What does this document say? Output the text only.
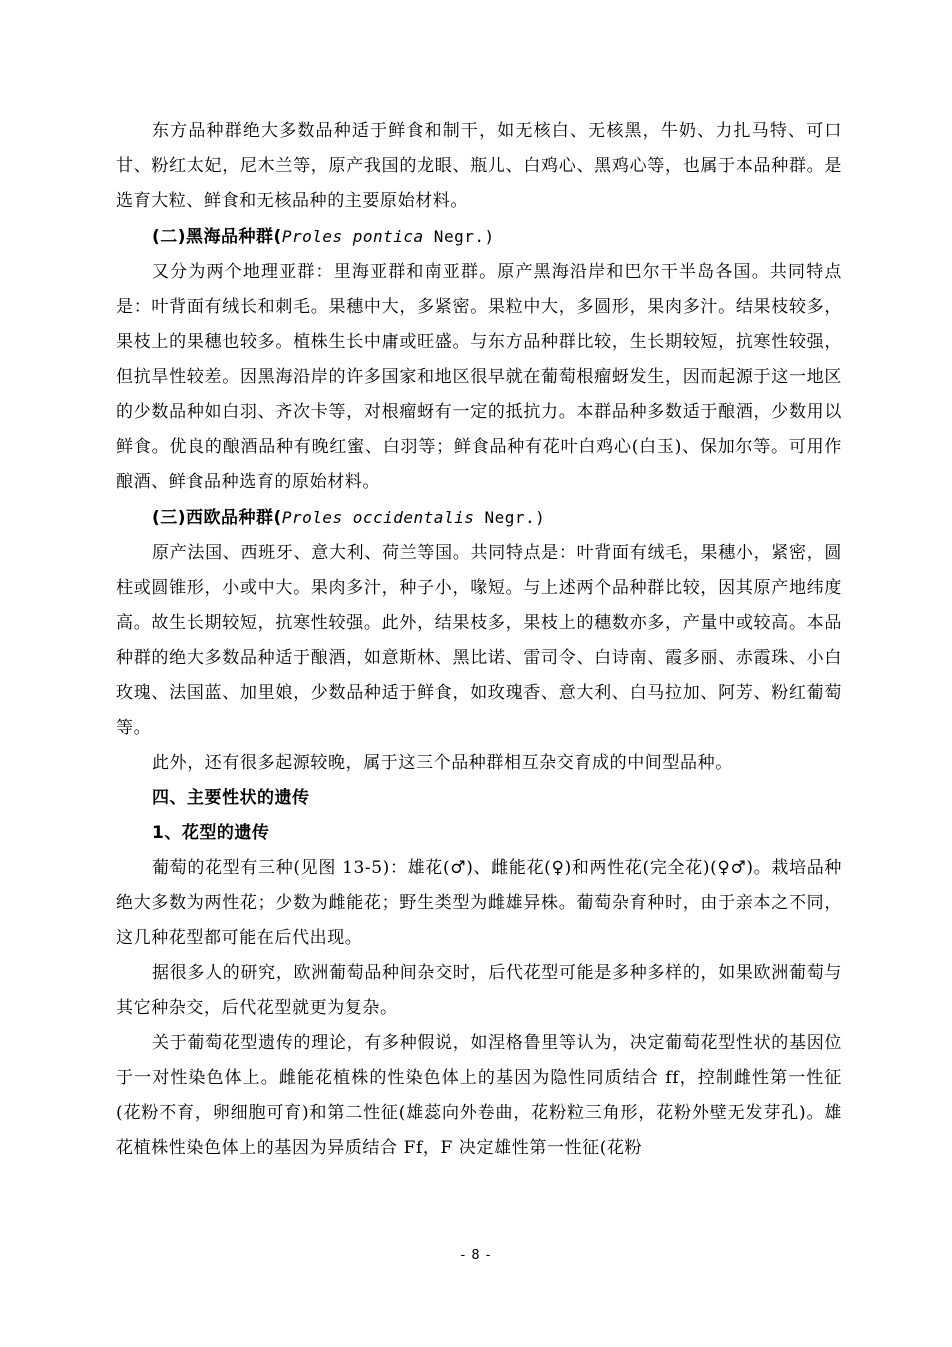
东方品种群绝大多数品种适于鲜食和制干，如无核白、无核黑，牛奶、力扎马特、可口甘、粉红太妃，尼木兰等，原产我国的龙眼、瓶儿、白鸡心、黑鸡心等，也属于本品种群。是选育大粒、鲜食和无核品种的主要原始材料。

(二)黑海品种群(Proles pontica Negr.)

又分为两个地理亚群：里海亚群和南亚群。原产黑海沿岸和巴尔干半岛各国。共同特点是：叶背面有绒长和刺毛。果穗中大，多紧密。果粒中大，多圆形，果肉多汁。结果枝较多，果枝上的果穗也较多。植株生长中庸或旺盛。与东方品种群比较，生长期较短，抗寒性较强，但抗旱性较差。因黑海沿岸的许多国家和地区很早就在葡萄根瘤蚜发生，因而起源于这一地区的少数品种如白羽、齐次卡等，对根瘤蚜有一定的抵抗力。本群品种多数适于酿酒，少数用以鲜食。优良的酿酒品种有晚红蜜、白羽等；鲜食品种有花叶白鸡心(白玉)、保加尔等。可用作酿酒、鲜食品种选育的原始材料。

(三)西欧品种群(Proles occidentalis Negr.)

原产法国、西班牙、意大利、荷兰等国。共同特点是：叶背面有绒毛，果穗小，紧密，圆柱或圆锥形，小或中大。果肉多汁，种子小，喙短。与上述两个品种群比较，因其原产地纬度高。故生长期较短，抗寒性较强。此外，结果枝多，果枝上的穗数亦多，产量中或较高。本品种群的绝大多数品种适于酿酒，如意斯林、黑比诺、雷司令、白诗南、霞多丽、赤霞珠、小白玫瑰、法国蓝、加里娘，少数品种适于鲜食，如玫瑰香、意大利、白马拉加、阿芳、粉红葡萄等。

此外，还有很多起源较晚，属于这三个品种群相互杂交育成的中间型品种。

四、主要性状的遗传

1、花型的遗传

葡萄的花型有三种(见图 13-5)：雄花(♂)、雌能花(♀)和两性花(完全花)(♀♂)。栽培品种绝大多数为两性花；少数为雌能花；野生类型为雌雄异株。葡萄杂育种时，由于亲本之不同，这几种花型都可能在后代出现。

据很多人的研究，欧洲葡萄品种间杂交时，后代花型可能是多种多样的，如果欧洲葡萄与其它种杂交，后代花型就更为复杂。

关于葡萄花型遗传的理论，有多种假说，如涅格鲁里等认为，决定葡萄花型性状的基因位于一对性染色体上。雌能花植株的性染色体上的基因为隐性同质结合 ff，控制雌性第一性征(花粉不育，卵细胞可育)和第二性征(雄蕊向外卷曲，花粉粒三角形，花粉外壁无发芽孔)。雄花植株性染色体上的基因为异质结合 Ff，F 决定雄性第一性征(花粉

- 8 -
